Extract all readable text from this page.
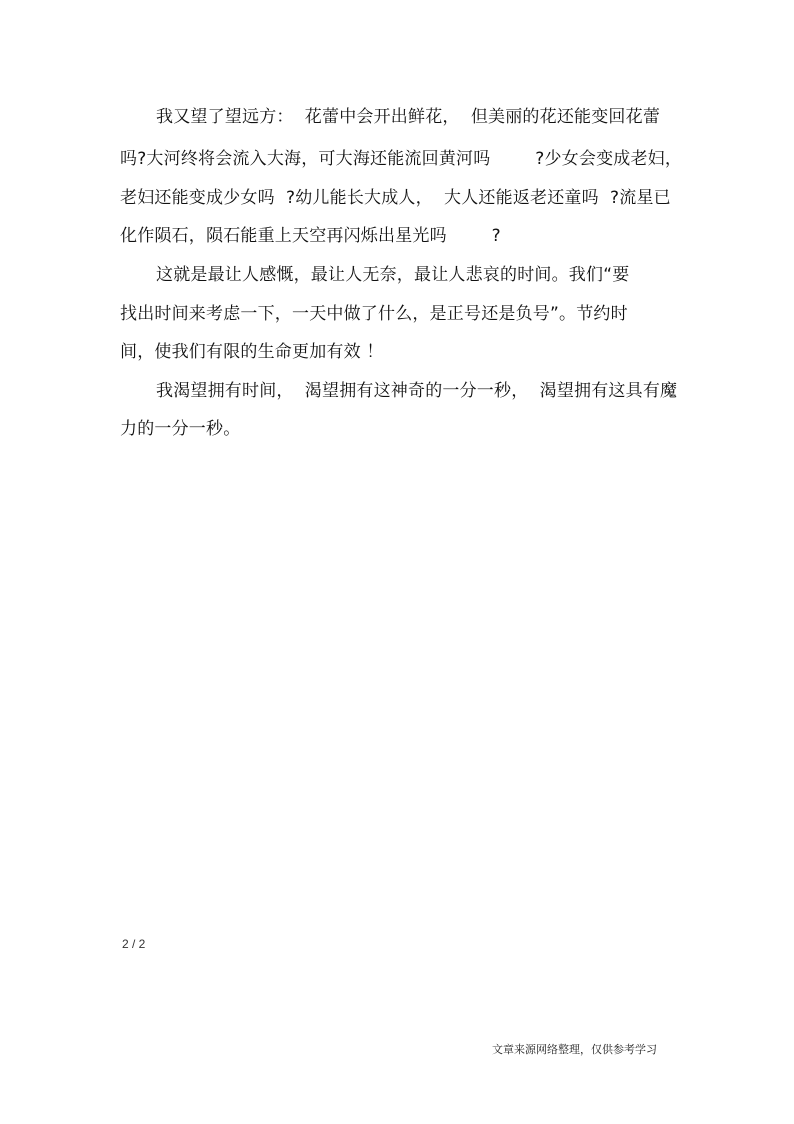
我又望了望远方：  花蕾中会开出鲜花，  但美丽的花还能变回花蕾
吗?大河终将会流入大海，可大海还能流回黄河吗        ?少女会变成老妇，
老妇还能变成少女吗  ?幼儿能长大成人，  大人还能返老还童吗  ?流星已
化作陨石，陨石能重上天空再闪烁出星光吗        ?
这就是最让人感慨，最让人无奈，最让人悲哀的时间。我们“要
找出时间来考虑一下，一天中做了什么，是正号还是负号”。节约时
间，使我们有限的生命更加有效 ！
我渴望拥有时间，  渴望拥有这神奇的一分一秒，  渴望拥有这具有魔
力的一分一秒。
2 / 2
文章来源网络整理，仅供参考学习
